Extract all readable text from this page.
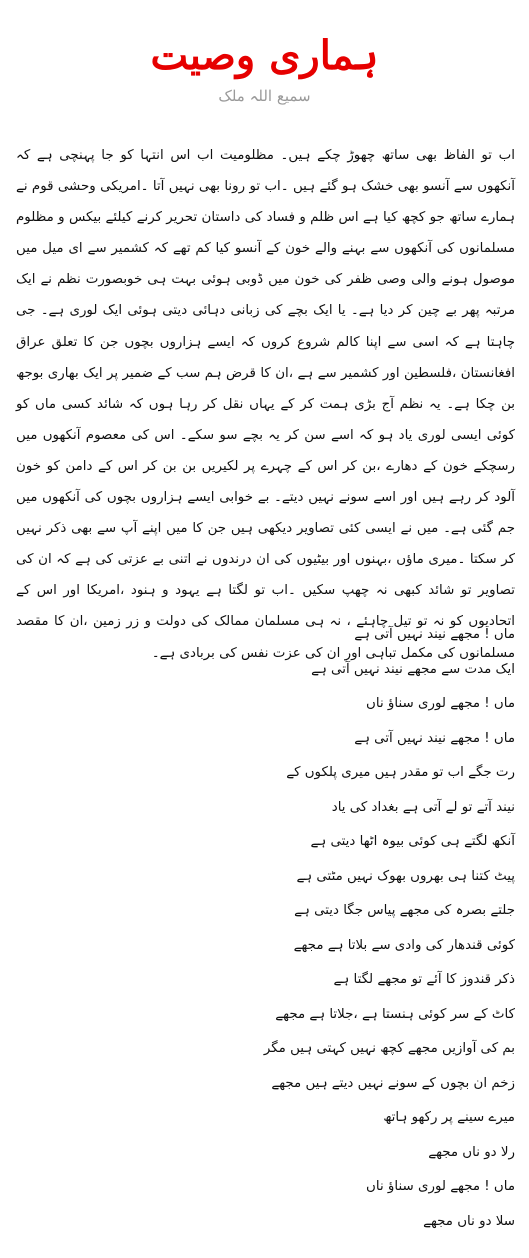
ہماری وصیت

سمیع اللہ ملک

اب تو الفاظ بھی ساتھ چھوڑ چکے ہیں۔ مظلومیت اب اس انتہا کو جا پہنچی ہے کہ آنکھوں سے آنسو بھی خشک ہو گئے ہیں ۔اب تو رونا بھی نہیں آتا ۔امریکی وحشی قوم نے ہمارے ساتھ جو کچھ کیا ہے اس ظلم و فساد کی داستان تحریر کرنے کیلئے بیکس و مظلوم مسلمانوں کی آنکھوں سے بہنے والے خون کے آنسو کیا کم تھے کہ کشمیر سے ای میل میں موصول ہونے والی وصی ظفر کی خون میں ڈوبی ہوئی بہت ہی خوبصورت نظم نے ایک مرتبہ پھر بے چین کر دیا ہے۔ یا ایک بچے کی زبانی دہائی دیتی ہوئی ایک لوری ہے۔ جی چاہتا ہے کہ اسی سے اپنا کالم شروع کروں کہ ایسے ہزاروں بچوں جن کا تعلق عراق افغانستان ،فلسطین اور کشمیر سے ہے ،ان کا قرض ہم سب کے ضمیر پر ایک بھاری بوجھ بن چکا ہے۔ یہ نظم آج بڑی ہمت کر کے یہاں نقل کر رہا ہوں کہ شائد کسی ماں کو کوئی ایسی لوری یاد ہو کہ اسے سن کر یہ بچے سو سکے۔ اس کی معصوم آنکھوں میں رسچکے خون کے دھارے ،بن کر اس کے چہرے پر لکیریں بن بن کر اس کے دامن کو خون آلود کر رہے ہیں اور اسے سونے نہیں دیتے۔ بے خوابی ایسے ہزاروں بچوں کی آنکھوں میں جم گئی ہے۔ میں نے ایسی کئی تصاویر دیکھی ہیں جن کا میں اپنے آپ سے بھی ذکر نہیں کر سکتا ۔میری ماؤں ،بہنوں اور بیٹیوں کی ان درندوں نے اتنی بے عزتی کی ہے کہ ان کی تصاویر تو شائد کبھی نہ چھپ سکیں ۔اب تو لگتا ہے یہود و ہنود ،امریکا اور اس کے اتحادیوں کو نہ تو تیل چاہئے ، نہ ہی مسلمان ممالک کی دولت و زر زمین ،ان کا مقصد مسلمانوں کی مکمل تباہی اور ان کی عزت نفس کی بربادی ہے۔

ماں ! مجھے نیند نہیں آتی ہے
ایک مدت سے مجھے نیند نہیں آتی ہے
ماں ! مجھے لوری سناؤ ناں
ماں ! مجھے نیند نہیں آتی ہے
رت جگے اب تو مقدر ہیں میری پلکوں کے
نیند آتے تو لے آتی ہے بغداد کی یاد
آنکھ لگتے ہی کوئی بیوہ اٹھا دیتی ہے
پیٹ کتنا ہی بھروں بھوک نہیں مٹتی ہے
جلتے بصرہ کی مجھے پیاس جگا دیتی ہے
کوئی قندھار کی وادی سے بلاتا ہے مجھے
ذکر قندوز کا آئے تو مجھے لگتا ہے
کاٹ کے سر کوئی ہنستا ہے ،جلاتا ہے مجھے
بم کی آوازیں مجھے کچھ نہیں کہتی ہیں مگر
زخم ان بچوں کے سونے نہیں دیتے ہیں مجھے
میرے سینے پر رکھو ہاتھ
رلا دو ناں مجھے
ماں ! مجھے لوری سناؤ ناں
سلا دو ناں مجھے
